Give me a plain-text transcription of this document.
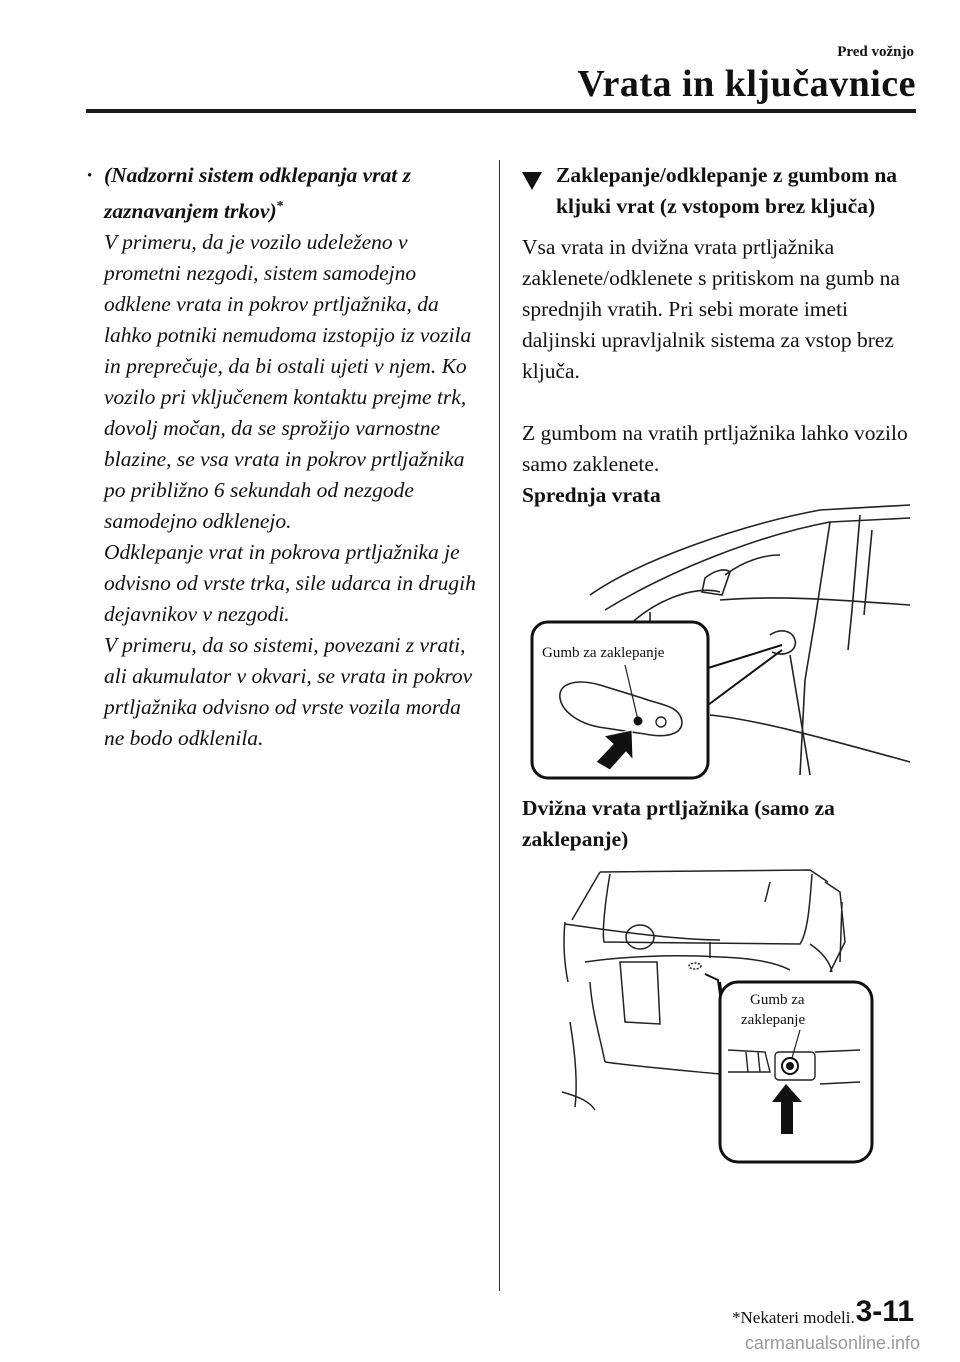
Pred vožnjo
Vrata in ključavnice
· (Nadzorni sistem odklepanja vrat z
zaznavanjem trkov)*

V primeru, da je vozilo udeleženo v prometni nezgodi, sistem samodejno odklene vrata in pokrov prtljažnika, da lahko potniki nemudoma izstopijo iz vozila in preprečuje, da bi ostali ujeti v njem. Ko vozilo pri vključenem kontaktu prejme trk, dovolj močan, da se sprožijo varnostne blazine, se vsa vrata in pokrov prtljažnika po približno 6 sekundah od nezgode samodejno odklenejo.

Odklepanje vrat in pokrova prtljažnika je odvisno od vrste trka, sile udarca in drugih dejavnikov v nezgodi.

V primeru, da so sistemi, povezani z vrati, ali akumulator v okvari, se vrata in pokrov prtljažnika odvisno od vrste vozila morda ne bodo odklenila.

Zaklepanje/odklepanje z gumbom na kljuki vrat (z vstopom brez ključa)

Vsa vrata in dvižna vrata prtljažnika zaklenete/odklenete s pritiskom na gumb na sprednjih vratih. Pri sebi morate imeti daljinski upravljalnik sistema za vstop brez ključa.

Z gumbom na vratih prtljažnika lahko vozilo samo zaklenete.

Sprednja vrata

Gumb za zaklepanje

Dvižna vrata prtljažnika (samo za zaklepanje)

Gumb za
zaklepanje
*Nekateri modeli. 3-11
carmanualsonline.info
